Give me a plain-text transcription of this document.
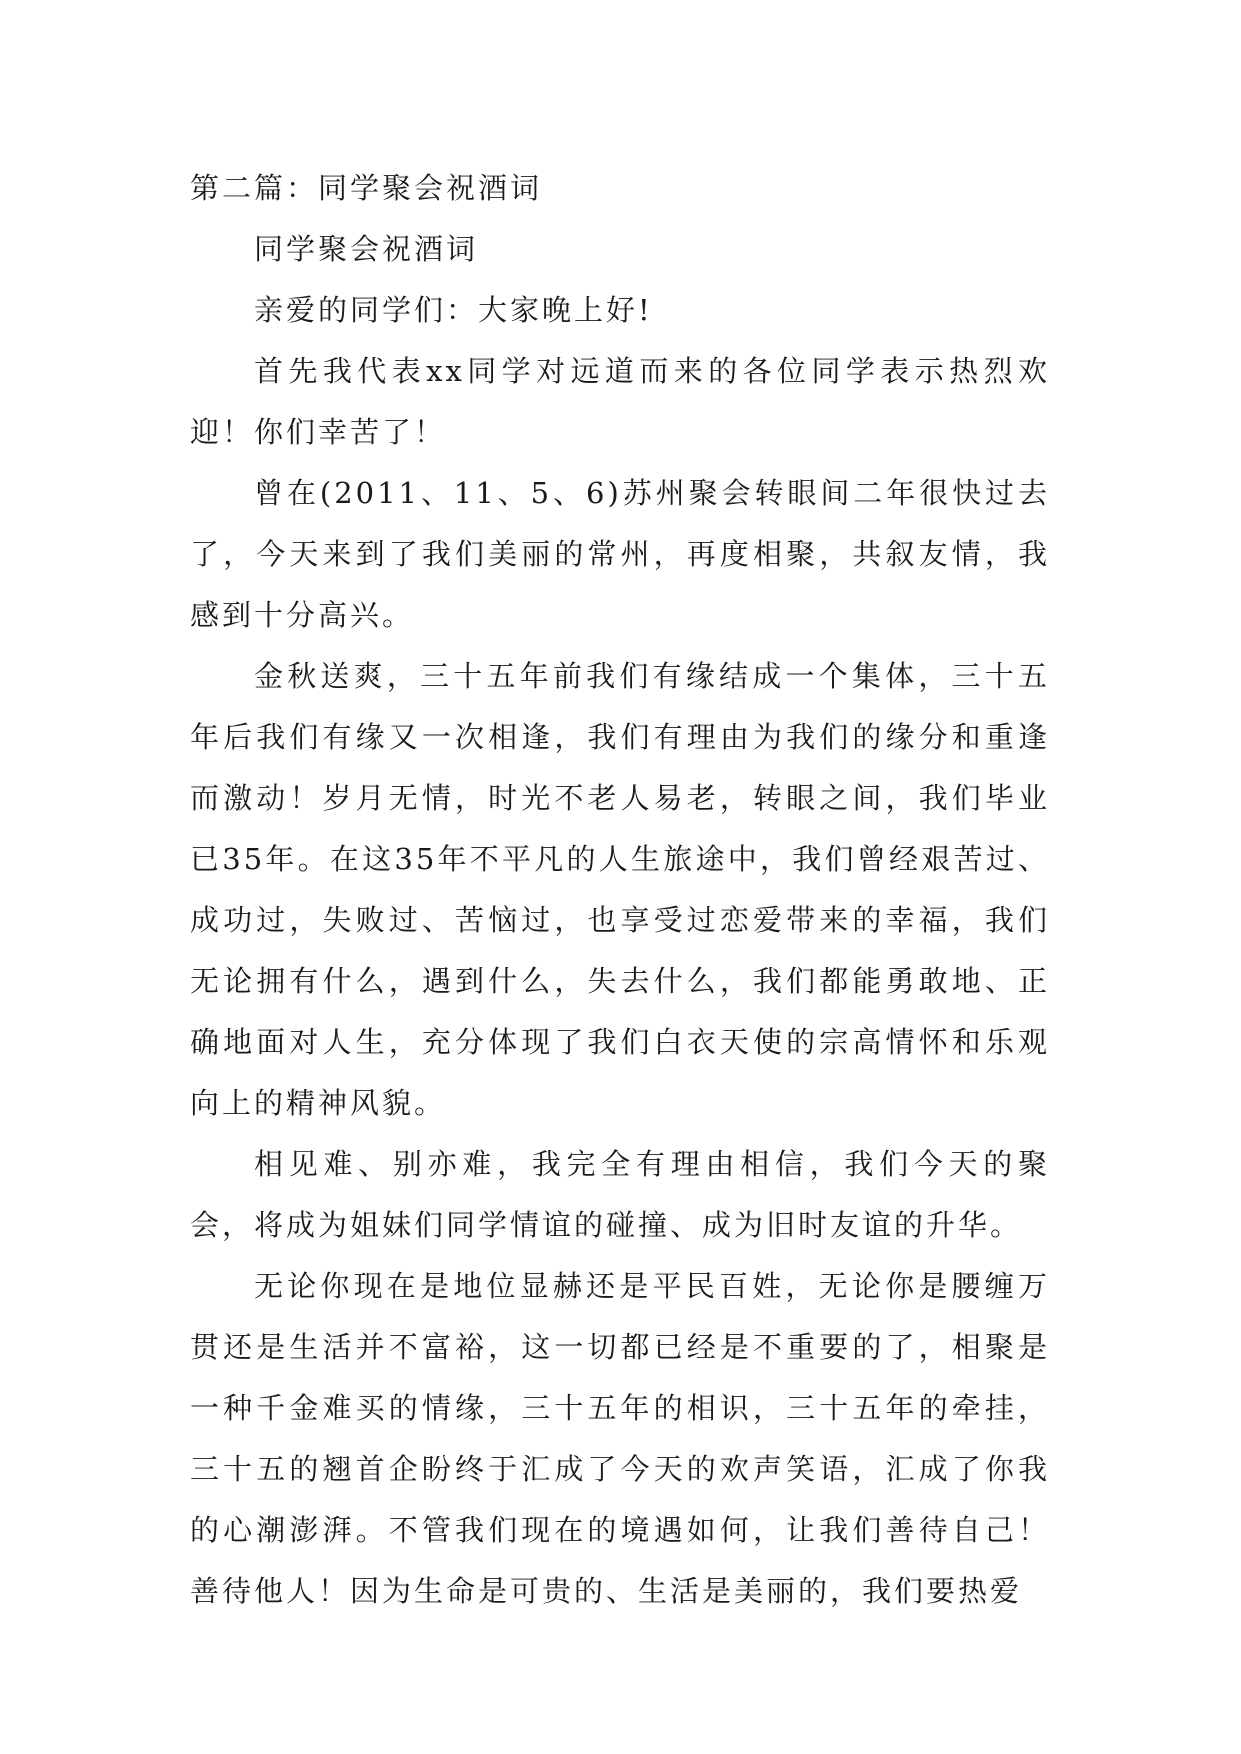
第二篇：同学聚会祝酒词

同学聚会祝酒词

亲爱的同学们：大家晚上好!

首先我代表xx同学对远道而来的各位同学表示热烈欢迎！你们幸苦了！

曾在(2011、11、5、6)苏州聚会转眼间二年很快过去了，今天来到了我们美丽的常州，再度相聚，共叙友情，我感到十分高兴。

金秋送爽，三十五年前我们有缘结成一个集体，三十五年后我们有缘又一次相逢，我们有理由为我们的缘分和重逢而激动！岁月无情，时光不老人易老，转眼之间，我们毕业已35年。在这35年不平凡的人生旅途中，我们曾经艰苦过、成功过，失败过、苦恼过，也享受过恋爱带来的幸福，我们无论拥有什么，遇到什么，失去什么，我们都能勇敢地、正确地面对人生，充分体现了我们白衣天使的宗高情怀和乐观向上的精神风貌。

相见难、别亦难，我完全有理由相信，我们今天的聚会，将成为姐妹们同学情谊的碰撞、成为旧时友谊的升华。

无论你现在是地位显赫还是平民百姓，无论你是腰缠万贯还是生活并不富裕，这一切都已经是不重要的了，相聚是一种千金难买的情缘，三十五年的相识，三十五年的牵挂，三十五的翘首企盼终于汇成了今天的欢声笑语，汇成了你我的心潮澎湃。不管我们现在的境遇如何，让我们善待自己！善待他人！因为生命是可贵的、生活是美丽的，我们要热爱
